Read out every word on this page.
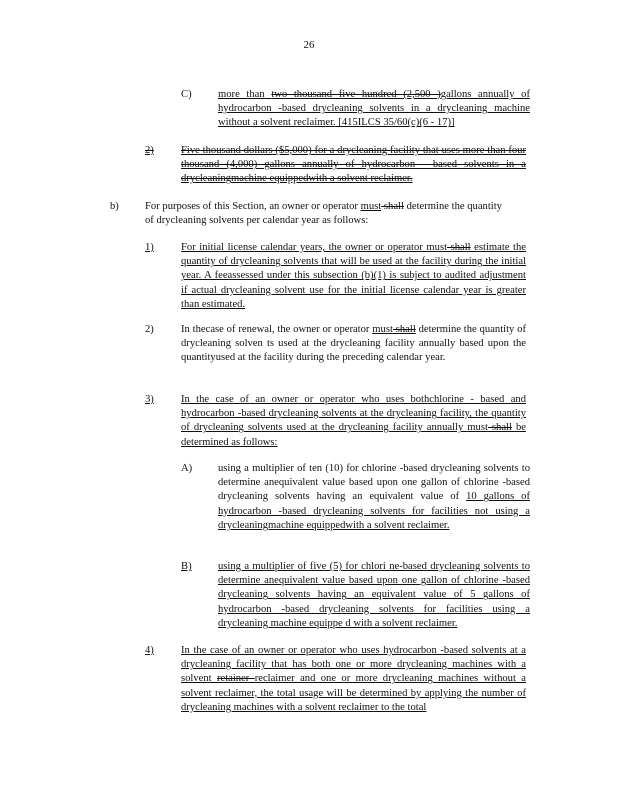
26
C) more than two thousand five hundred (2,500 )gallons annually of hydrocarbon -based drycleaning solvents in a drycleaning machine without a solvent reclaimer. [415ILCS 35/60(c)(6 - 17)]
2)	Five thousand dollars ($5,000) for a drycleaning facility that uses more than four thousand (4,000) gallons annually of hydrocarbon - based solvents in a drycleaningmachine equippedwith a solvent reclaimer.
b) For purposes of this Section, an owner or operator must shall determine the quantity of drycleaning solvents per calendar year as follows:
1)	For initial license calendar years, the owner or operator must shall estimate the quantity of drycleaning solvents that will be used at the facility during the initial year. A feeassessed under this subsection (b)(1) is subject to audited adjustment if actual drycleaning solvent use for the initial license calendar year is greater than estimated.
2)	In thecase of renewal, the owner or operator must shall determine the quantity of drycleaning solven ts used at the drycleaning facility annually based upon the quantityused at the facility during the preceding calendar year.
3)	In the case of an owner or operator who uses bothchlorine - based and hydrocarbon -based drycleaning solvents at the drycleaning facility, the quantity of drycleaning solvents used at the drycleaning facility annually must shall be determined as follows:
A) using a multiplier of ten (10) for chlorine -based drycleaning solvents to determine anequivalent value based upon one gallon of chlorine -based drycleaning solvents having an equivalent value of 10 gallons of hydrocarbon -based drycleaning solvents for facilities not using a drycleaningmachine equippedwith a solvent reclaimer.
B) using a multiplier of five (5) for chlori ne-based drycleaning solvents to determine anequivalent value based upon one gallon of chlorine -based drycleaning solvents having an equivalent value of 5 gallons of hydrocarbon -based drycleaning solvents for facilities using a drycleaning machine equippe d with a solvent reclaimer.
4)	In the case of an owner or operator who uses hydrocarbon -based solvents at a drycleaning facility that has both one or more drycleaning machines with a solvent retainer reclaimer and one or more drycleaning machines without a solvent reclaimer, the total usage will be determined by applying the number of drycleaning machines with a solvent reclaimer to the total
